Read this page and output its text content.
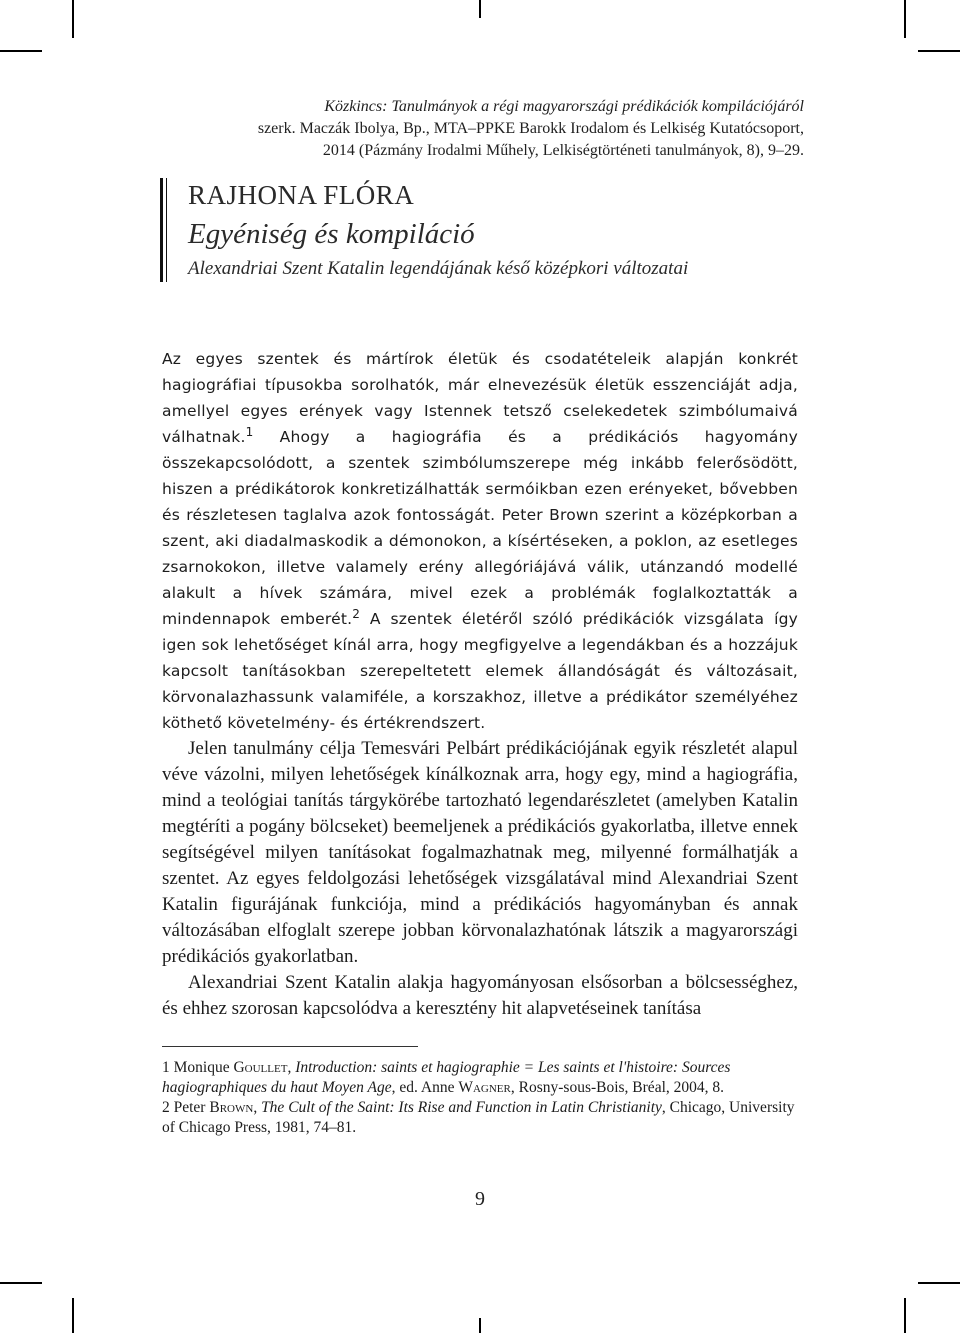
Közkincs: Tanulmányok a régi magyarországi prédikációk kompilációjáról
szerk. Maczák Ibolya, Bp., MTA–PPKE Barokk Irodalom és Lelkiség Kutatócsoport,
2014 (Pázmány Irodalmi Műhely, Lelkiségtörténeti tanulmányok, 8), 9–29.
RAJHONA FLÓRA
Egyéniség és kompiláció
Alexandriai Szent Katalin legendájának késő középkori változatai

Az egyes szentek és mártírok életük és csodatételeik alapján konkrét hagiográfiai típusokba sorolhatók, már elnevezésük életük esszenciáját adja, amellyel egyes erények vagy Istennek tetsző cselekedetek szimbólumaivá válhatnak.$^1$ Ahogy a hagiográfia és a prédikációs hagyomány összekapcsolódott, a szentek szimbólumszerepe még inkább felerősödött, hiszen a prédikátorok konkretizálhatták sermóikban ezen erényeket, bővebben és részletesen taglalva azok fontosságát. Peter Brown szerint a középkorban a szent, aki diadalmaskodik a démonokon, a kísértéseken, a poklon, az esetleges zsarnokokon, illetve valamely erény allegóriájává válik, utánzandó modellé alakult a hívek számára, mivel ezek a problémák foglalkoztatták a mindennapok emberét.$^2$ A szentek életéről szóló prédikációk vizsgálata így igen sok lehetőséget kínál arra, hogy megfigyelve a legendákban és a hozzájuk kapcsolt tanításokban szerepeltetett elemek állandóságát és változásait, körvonalazhassunk valamiféle, a korszakhoz, illetve a prédikátor személyéhez köthető követelmény- és értékrendszert.

Jelen tanulmány célja Temesvári Pelbárt prédikációjának egyik részletét alapul véve vázolni, milyen lehetőségek kínálkoznak arra, hogy egy, mind a hagiográfia, mind a teológiai tanítás tárgykörébe tartozható legendarészletet (amelyben Katalin megtéríti a pogány bölcseket) beemeljenek a prédikációs gyakorlatba, illetve ennek segítségével milyen tanításokat fogalmazhatnak meg, milyenné formálhatják a szentet. Az egyes feldolgozási lehetőségek vizsgálatával mind Alexandriai Szent Katalin figurájának funkciója, mind a prédikációs hagyományban és annak változásában elfoglalt szerepe jobban körvonalazhatónak látszik a magyarországi prédikációs gyakorlatban.

Alexandriai Szent Katalin alakja hagyományosan elsősorban a bölcsességhez, és ehhez szorosan kapcsolódva a keresztény hit alapvetéseinek tanítása

1 Monique Goullet, Introduction: saints et hagiographie = Les saints et l'histoire: Sources hagiographiques du haut Moyen Age, ed. Anne Wagner, Rosny-sous-Bois, Bréal, 2004, 8.

2 Peter Brown, The Cult of the Saint: Its Rise and Function in Latin Christianity, Chicago, University of Chicago Press, 1981, 74–81.

9
